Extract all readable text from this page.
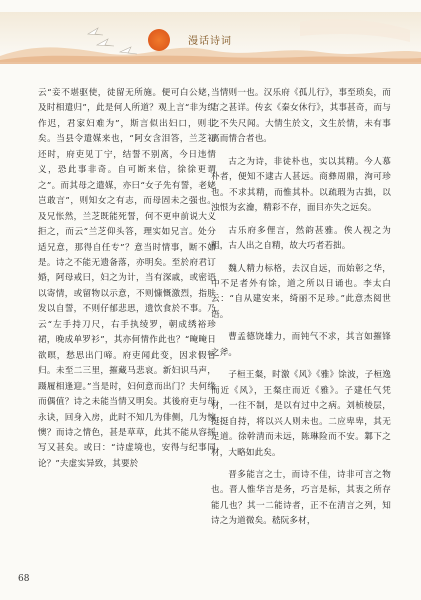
漫话诗词

云“妾不堪驱使，徒留无所施。便可白公姥，及时相遣归”，此是何人所道？观上言“非为织作迟，君家妇难为”，斯言似出妇口，则非矣。当县令遣媒来也，“阿女含泪答，兰芝初还时，府吏见丁宁，结誓不别离，今日违情义，恐此事非奇。自可断来信，徐徐更谓之”。而其母之遣媒，亦曰“女子先有誓，老姥岂敢言”，则知女之有志，而母固未之强也。及兄怅然，兰芝既能死誓，何不更申前说大义拒之，而云“兰芝仰头答，理实如兄言。处分适兄意，那得自任专”？意当时情事，断不如是。诗之不能无遗备落，亦明矣。至於府君订婚，阿母戒曰，妇之为计，当有深戚，或密语以寄情，或留物以示意，不则慷慨激烈，指肤发以自誓，不则仔郁悲思，遗饮食於不事。乃云“左手持刀尺，右手执绫罗，朝成绣裕珍裙，晚成单罗衫”，其亦何情作此也？“晻晻日欲暝，愁思出门啼。府吏闻此变，因求假暂归。未至二三里，摧藏马悲哀。新妇识马声，蹑履相逢迎。”当是时，妇何意而出门？夫何缘而偶值？诗之未能当情又明矣。其後府吏与母永诀，回身入房，此时不知几为俳侧，几为惋懊？而诗之情色，甚是草草，此其不能从容摇写又甚矣。或曰：“诗虚境也，安得与纪事同论？”夫虚实异致，其要於

当情则一也。汉乐府《孤儿行》，事至琐矣，而言之甚详。传玄《秦女休行》，其事甚奇，而与之不失尺闻。大情生於文，文生於情，未有事离而情合者也。

古之为诗，非徒朴也，实以其精。今人慕朴者，便知不逮古人甚远。商彝周鼎，洵可珍也。不求其精，而惟其朴。以疏瑕为古拙，以浊恨为玄瀹，精彩不存，面目亦失之远矣。

古乐府多俚言，然韵甚雅。俟人视之为粗，古人出之自精，故大巧者若拙。

魏人精力标格，去汉自远，而始彰之华，中不足者外有馀，道之所以日诵也。李太白云：“自从建安来，绮丽不足珍。”此意杰阅世语。

曹孟德饶雄力，而钝气不求，其言如摧锋之斧。

子桓王粲，时激《风》《雅》馀波，子桓逸而近《风》，王粲庄而近《雅》。子建任气凭材，一往不制，是以有过中之病。刘桢棱层，挺挺自持，将以兴人则未也。二应卑卑，其无足道。徐幹清而未远，陈琳险而不安。鄴下之材，大略如此矣。

晋多能言之士，而诗不佳，诗非可言之物也。晋人惟华言是务，巧言是标，其衷之所存能几也？其一二能诗者，正不在清言之列，知诗之为道微矣。嵇阮多材，

68
